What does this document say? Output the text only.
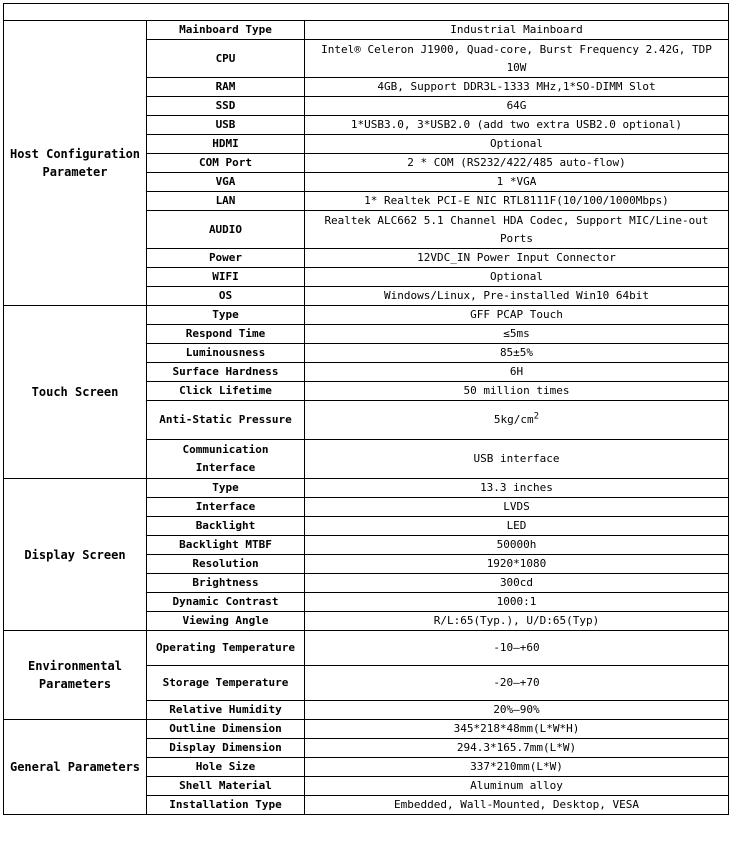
Host Configuration Parameter	Mainboard Type	Industrial Mainboard
	CPU	Intel® Celeron J1900, Quad-core, Burst Frequency 2.42G, TDP 10W
	RAM	4GB, Support DDR3L-1333 MHz,1*SO-DIMM Slot
	SSD	64G
	USB	1*USB3.0, 3*USB2.0 (add two extra USB2.0 optional)
	HDMI	Optional
	COM Port	2 * COM (RS232/422/485 auto-flow)
	VGA	1 *VGA
	LAN	1* Realtek PCI-E NIC RTL8111F(10/100/1000Mbps)
	AUDIO	Realtek ALC662 5.1 Channel HDA Codec, Support MIC/Line-out Ports
	Power	12VDC_IN Power Input Connector
	WIFI	Optional
	OS	Windows/Linux, Pre-installed Win10 64bit
Touch Screen	Type	GFF PCAP Touch
	Respond Time	≤5ms
	Luminousness	85±5%
	Surface Hardness	6H
	Click Lifetime	50 million times
	Anti-Static Pressure	$5kg/cm^2$
	Communication Interface	USB interface
Display Screen	Type	13.3 inches
	Interface	LVDS
	Backlight	LED
	Backlight MTBF	50000h
	Resolution	1920*1080
	Brightness	300cd
	Dynamic Contrast	1000:1
	Viewing Angle	R/L:65(Typ.), U/D:65(Typ)
Environmental Parameters	Operating Temperature	-10—+60
	Storage Temperature	-20—+70
	Relative Humidity	20%—90%
General Parameters	Outline Dimension	345*218*48mm(L*W*H)
	Display Dimension	294.3*165.7mm(L*W)
	Hole Size	337*210mm(L*W)
	Shell Material	Aluminum alloy
	Installation Type	Embedded, Wall-Mounted, Desktop, VESA
